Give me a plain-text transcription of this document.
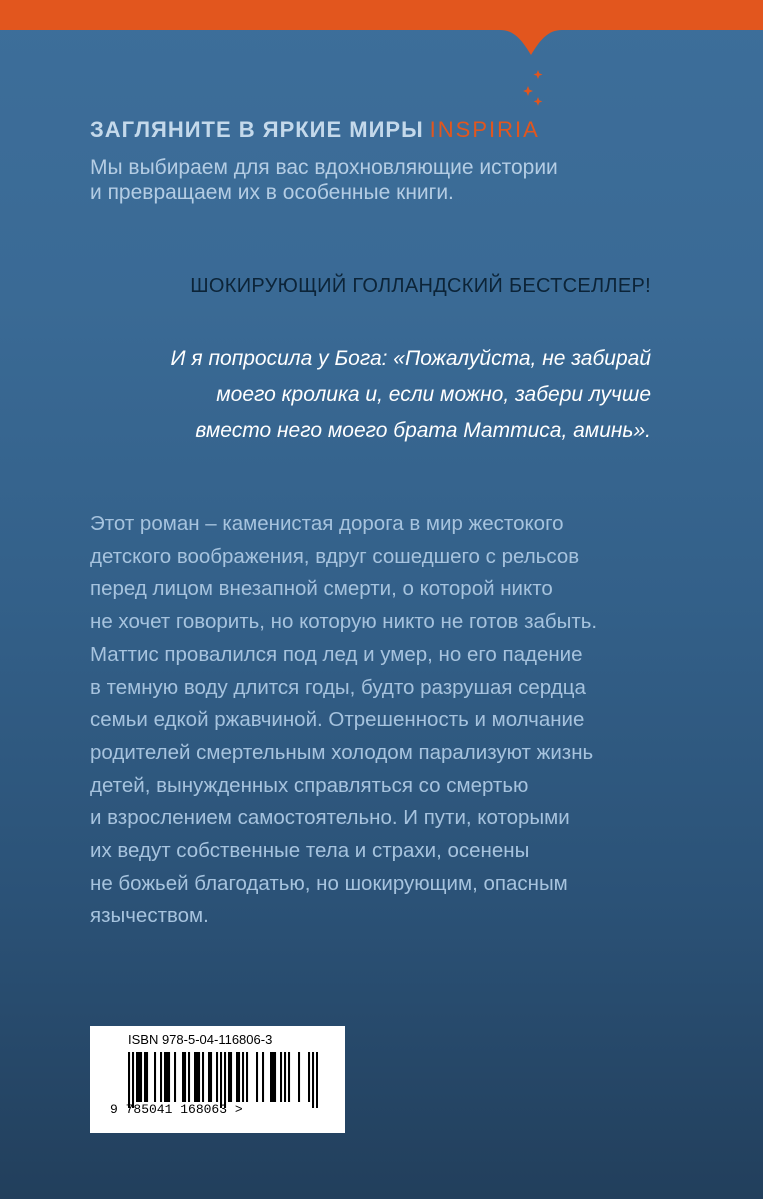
ЗАГЛЯНИТЕ В ЯРКИЕ МИРЫ INSPIRIA

Мы выбираем для вас вдохновляющие истории
и превращаем их в особенные книги.

ШОКИРУЮЩИЙ ГОЛЛАНДСКИЙ БЕСТСЕЛЛЕР!

И я попросила у Бога: «Пожалуйста, не забирай
моего кролика и, если можно, забери лучше
вместо него моего брата Маттиса, аминь».

Этот роман – каменистая дорога в мир жестокого
детского воображения, вдруг сошедшего с рельсов
перед лицом внезапной смерти, о которой никто
не хочет говорить, но которую никто не готов забыть.
Маттис провалился под лед и умер, но его падение
в темную воду длится годы, будто разрушая сердца
семьи едкой ржавчиной. Отрешенность и молчание
родителей смертельным холодом парализуют жизнь
детей, вынужденных справляться со смертью
и взрослением самостоятельно. И пути, которыми
их ведут собственные тела и страхи, осенены
не божьей благодатью, но шокирующим, опасным
язычеством.

ISBN 978-5-04-116806-3
9 785041 168063 >
